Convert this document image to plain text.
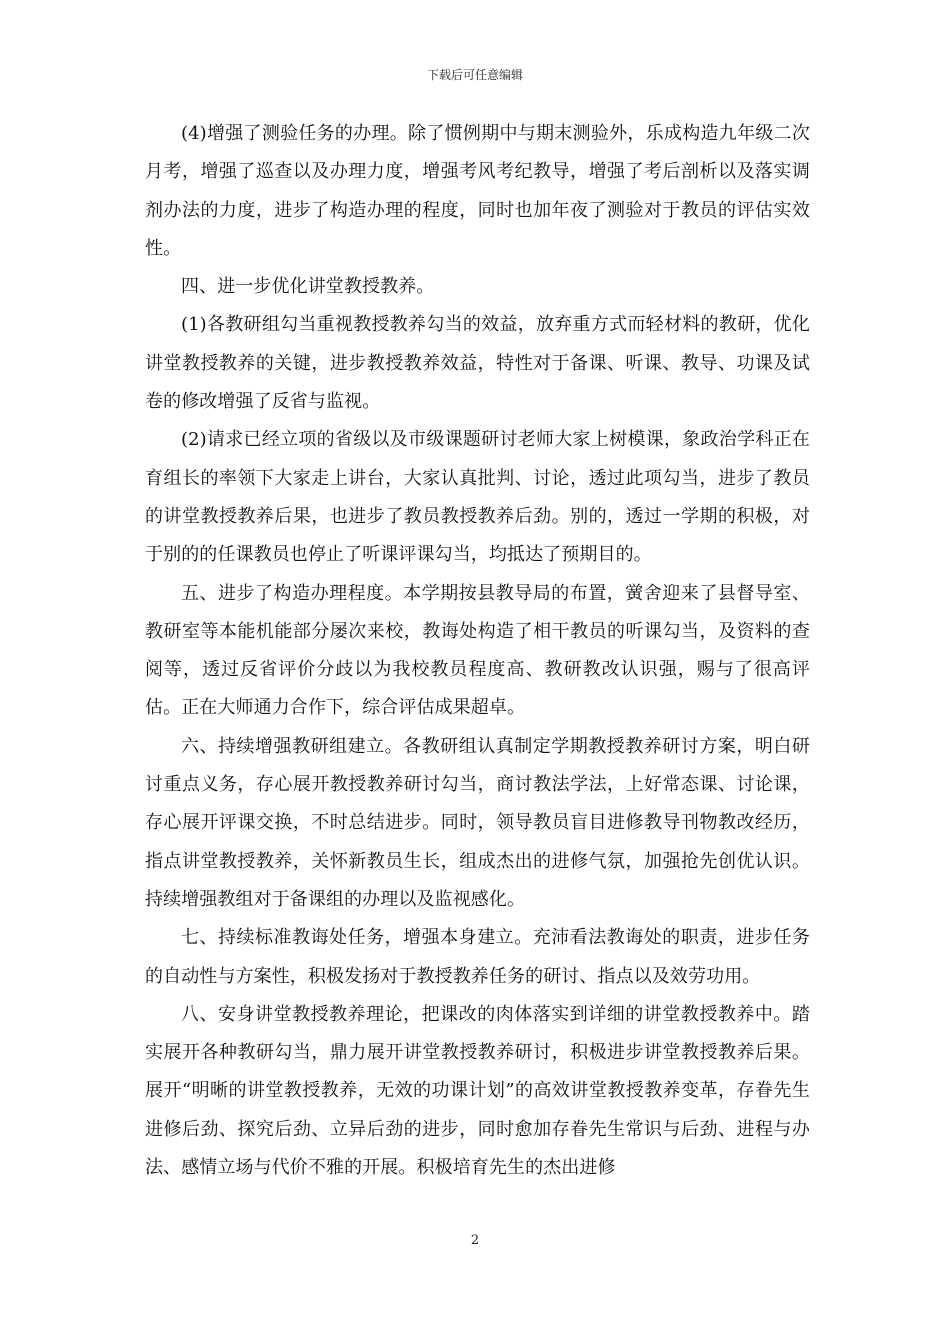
下载后可任意编辑

(4)增强了测验任务的办理。除了惯例期中与期末测验外，乐成构造九年级二次月考，增强了巡查以及办理力度，增强考风考纪教导，增强了考后剖析以及落实调剂办法的力度，进步了构造办理的程度，同时也加年夜了测验对于教员的评估实效性。

四、进一步优化讲堂教授教养。

(1)各教研组勾当重视教授教养勾当的效益，放弃重方式而轻材料的教研，优化讲堂教授教养的关键，进步教授教养效益，特性对于备课、听课、教导、功课及试卷的修改增强了反省与监视。

(2)请求已经立项的省级以及市级课题研讨老师大家上树模课，象政治学科正在育组长的率领下大家走上讲台，大家认真批判、讨论，透过此项勾当，进步了教员的讲堂教授教养后果，也进步了教员教授教养后劲。别的，透过一学期的积极，对于别的的任课教员也停止了听课评课勾当，均抵达了预期目的。

五、进步了构造办理程度。本学期按县教导局的布置，黉舍迎来了县督导室、教研室等本能机能部分屡次来校，教诲处构造了相干教员的听课勾当，及资料的查阅等，透过反省评价分歧以为我校教员程度高、教研教改认识强，赐与了很高评估。正在大师通力合作下，综合评估成果超卓。

六、持续增强教研组建立。各教研组认真制定学期教授教养研讨方案，明白研讨重点义务，存心展开教授教养研讨勾当，商讨教法学法，上好常态课、讨论课，存心展开评课交换，不时总结进步。同时，领导教员盲目进修教导刊物教改经历，指点讲堂教授教养，关怀新教员生长，组成杰出的进修气氛，加强抢先创优认识。持续增强教组对于备课组的办理以及监视感化。

七、持续标准教诲处任务，增强本身建立。充沛看法教诲处的职责，进步任务的自动性与方案性，积极发扬对于教授教养任务的研讨、指点以及效劳功用。

八、安身讲堂教授教养理论，把课改的肉体落实到详细的讲堂教授教养中。踏实展开各种教研勾当，鼎力展开讲堂教授教养研讨，积极进步讲堂教授教养后果。展开“明晰的讲堂教授教养，无效的功课计划”的高效讲堂教授教养变革，存眷先生进修后劲、探究后劲、立异后劲的进步，同时愈加存眷先生常识与后劲、进程与办法、感情立场与代价不雅的开展。积极培育先生的杰出进修

2
